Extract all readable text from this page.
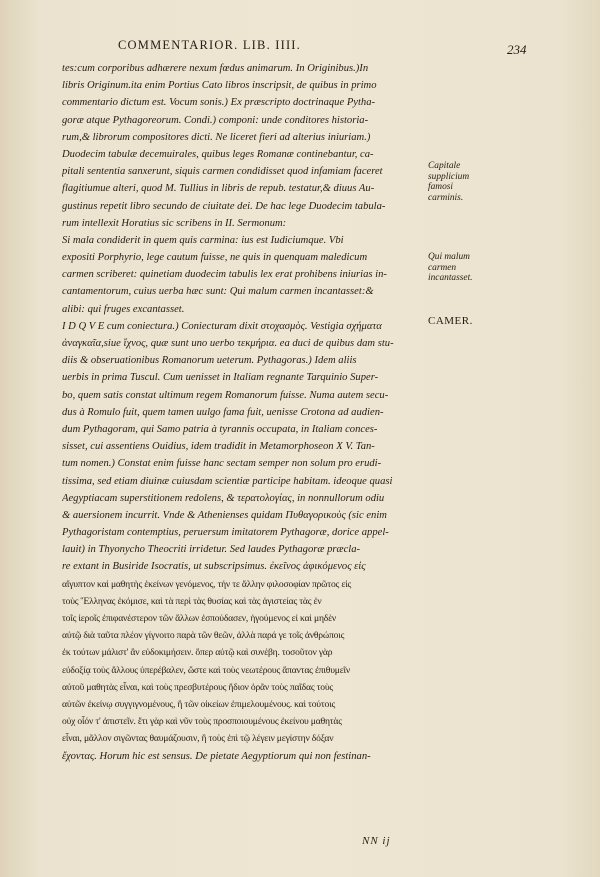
COMMENTARIOR. LIB. IIII.	234
tes:cum corporibus adhærere nexum fœdus animarum. In Originibus.)In
libris Originum.ita enim Portius Cato libros inscripsit, de quibus in primo
commentario dictum est. Vocum sonis.) Ex præscripto doctrinaque Pytha-
goræ atque Pythagoreorum. Condi.) componi: unde conditores historia-
rum,& librorum compositores dicti. Ne liceret fieri ad alterius iniuriam.)
Duodecim tabulæ decemuirales, quibus leges Romanæ continebantur, ca-
pitali sententia sanxerunt, siquis carmen condidisset quod infamiam faceret
flagitiumue alteri, quod M. Tullius in libris de repub. testatur,& diuus Au-
gustinus repetit libro secundo de ciuitate dei. De hac lege Duodecim tabula-
rum intellexit Horatius sic scribens in II. Sermonum:
Si mala condiderit in quem quis carmina: ius est Iudiciumque. Vbi
expositi Porphyrio, lege cautum fuisse, ne quis in quenquam maledicum
carmen scriberet: quinetiam duodecim tabulis lex erat prohibens iniurias in-
cantamentorum, cuius uerba hæc sunt: Qui malum carmen incantasset:&
alibi: qui fruges excantasset.
I D Q V E cum coniectura.) Coniecturam dixit στοχασμὸς. Vestigia σχήματα
ἀναγκαῖα,siue ἴχνος, quæ sunt uno uerbo τεκμήρια. ea duci de quibus dam stu-
diis & obseruationibus Romanorum ueterum. Pythagoras.) Idem aliis
uerbis in prima Tuscul. Cum uenisset in Italiam regnante Tarquinio Super-
bo, quem satis constat ultimum regem Romanorum fuisse. Numa autem secu-
dus à Romulo fuit, quem tamen uulgo fama fuit, uenisse Crotona ad audien-
dum Pythagoram, qui Samo patria à tyrannis occupata, in Italiam conces-
sisset, cui assentiens Ouidius, idem tradidit in Metamorphoseon X V. Tan-
tum nomen.) Constat enim fuisse hanc sectam semper non solum pro erudi-
tissima, sed etiam diuinæ cuiusdam scientiæ participe habitam. ideoque quasi
Aegyptiacam superstitionem redolens, & τερατολογίας, in nonnullorum odiu
& auersionem incurrit. Vnde & Athenienses quidam Πυθαγορικοὺς (sic enim
Pythagoristam contemptius, peruersum imitatorem Pythagoræ, dorice appel-
lauit) in Thyonycho Theocriti irridetur. Sed laudes Pythagoræ præcla-
re extant in Busiride Isocratis, ut subscripsimus. ἐκεῖνος ἀφικόμενος εἰς
αἴγυπτον καὶ μαθητὴς ἐκείνων γενόμενος, τήν τε ἄλλην φιλοσοφίαν πρῶτος εἰς
τοὺς Ἕλληνας ἐκόμισε, καὶ τὰ περὶ τὰς θυσίας καὶ τὰς ἁγιστείας τὰς ἐν
τοῖς ἱεροῖς ἐπιφανέστερον τῶν ἄλλων ἐσπούδασεν, ἡγούμενος εἰ καὶ μηδὲν
αὐτῷ διὰ ταῦτα πλέον γίγνοιτο παρὰ τῶν θεῶν, ἀλλὰ παρά γε τοῖς ἀνθρώποις
ἐκ τούτων μάλιστ' ἂν εὐδοκιμήσειν. ὅπερ αὐτῷ καὶ συνέβη. τοσοῦτον γὰρ
εὐδοξίᾳ τοὺς ἄλλους ὑπερέβαλεν, ὥστε καὶ τοὺς νεωτέρους ἅπαντας ἐπιθυμεῖν
αὐτοῦ μαθητὰς εἶναι, καὶ τοὺς πρεσβυτέρους ἥδιον ὁρᾶν τοὺς παῖδας τοὺς
αὑτῶν ἐκείνῳ συγγιγνομένους, ἢ τῶν οἰκείων ἐπιμελουμένους. καὶ τούτοις
οὐχ οἷόν τ' ἀπιστεῖν. ἔτι γὰρ καὶ νῦν τοὺς προσποιουμένους ἐκείνου μαθητὰς
εἶναι, μᾶλλον σιγῶντας θαυμάζουσιν, ἢ τοὺς ἐπὶ τῷ λέγειν μεγίστην δόξαν
ἔχοντας. Horum hic est sensus. De pietate Aegyptiorum qui non festinan-
Capitale supplicium famosi carminis.
Qui malum carmen incantasset.
CAMER.
NN ij
